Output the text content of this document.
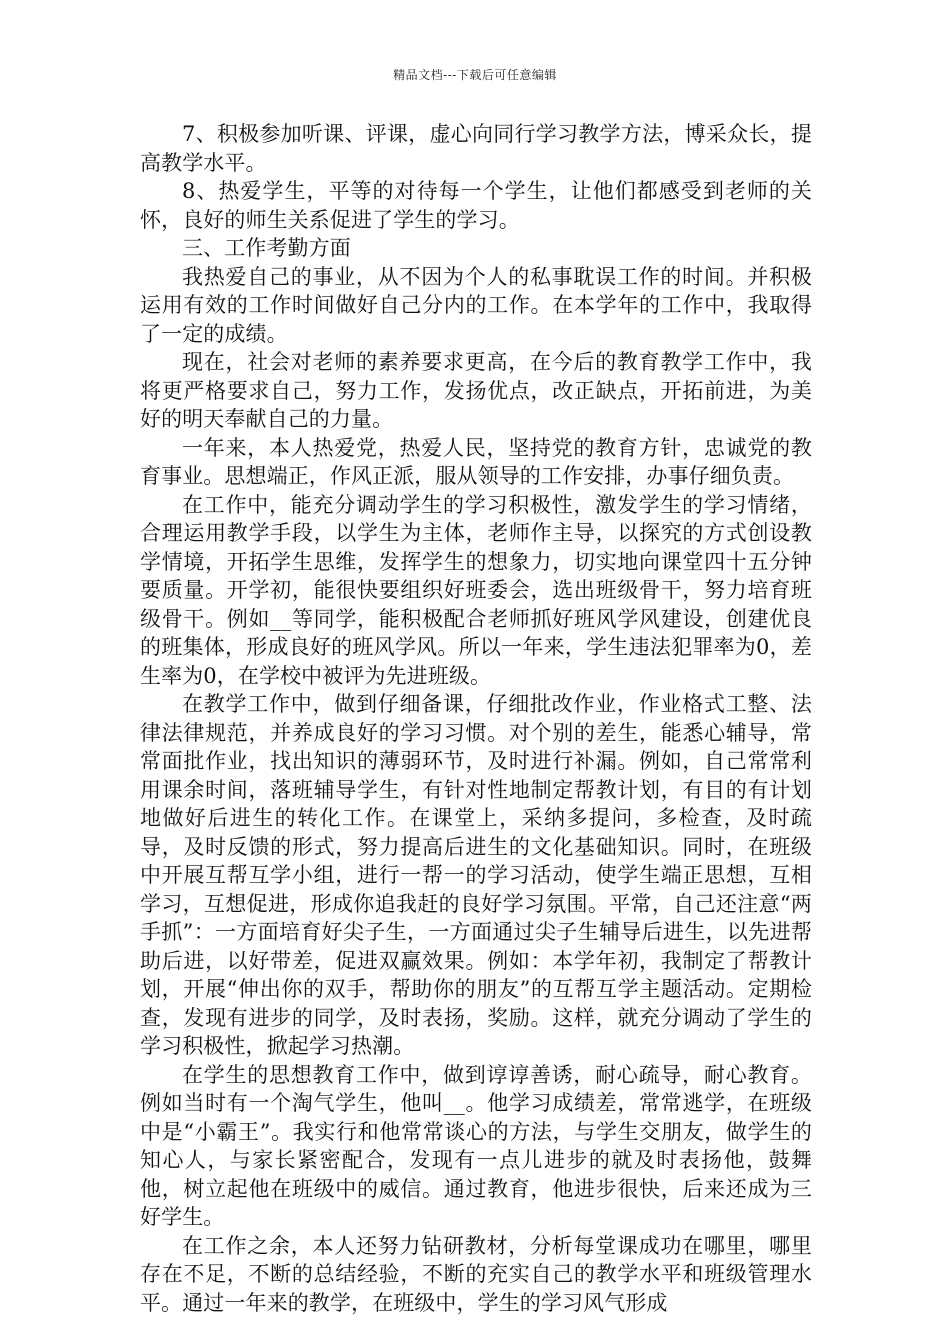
精品文档---下载后可任意编辑

7、积极参加听课、评课，虚心向同行学习教学方法，博采众长，提高教学水平。

8、热爱学生，平等的对待每一个学生，让他们都感受到老师的关怀，良好的师生关系促进了学生的学习。

三、工作考勤方面

我热爱自己的事业，从不因为个人的私事耽误工作的时间。并积极运用有效的工作时间做好自己分内的工作。在本学年的工作中，我取得了一定的成绩。

现在，社会对老师的素养要求更高，在今后的教育教学工作中，我将更严格要求自己，努力工作，发扬优点，改正缺点，开拓前进，为美好的明天奉献自己的力量。

一年来，本人热爱党，热爱人民，坚持党的教育方针，忠诚党的教育事业。思想端正，作风正派，服从领导的工作安排，办事仔细负责。

在工作中，能充分调动学生的学习积极性，激发学生的学习情绪，合理运用教学手段，以学生为主体，老师作主导，以探究的方式创设教学情境，开拓学生思维，发挥学生的想象力，切实地向课堂四十五分钟要质量。开学初，能很快要组织好班委会，选出班级骨干，努力培育班级骨干。例如__等同学，能积极配合老师抓好班风学风建设，创建优良的班集体，形成良好的班风学风。所以一年来，学生违法犯罪率为0，差生率为0，在学校中被评为先进班级。

在教学工作中，做到仔细备课，仔细批改作业，作业格式工整、法律法律规范，并养成良好的学习习惯。对个别的差生，能悉心辅导，常常面批作业，找出知识的薄弱环节，及时进行补漏。例如，自己常常利用课余时间，落班辅导学生，有针对性地制定帮教计划，有目的有计划地做好后进生的转化工作。在课堂上，采纳多提问，多检查，及时疏导，及时反馈的形式，努力提高后进生的文化基础知识。同时，在班级中开展互帮互学小组，进行一帮一的学习活动，使学生端正思想，互相学习，互想促进，形成你追我赶的良好学习氛围。平常，自己还注意“两手抓”：一方面培育好尖子生，一方面通过尖子生辅导后进生，以先进帮助后进，以好带差，促进双赢效果。例如：本学年初，我制定了帮教计划，开展“伸出你的双手，帮助你的朋友”的互帮互学主题活动。定期检查，发现有进步的同学，及时表扬，奖励。这样，就充分调动了学生的学习积极性，掀起学习热潮。

在学生的思想教育工作中，做到谆谆善诱，耐心疏导，耐心教育。例如当时有一个淘气学生，他叫__。他学习成绩差，常常逃学，在班级中是“小霸王”。我实行和他常常谈心的方法，与学生交朋友，做学生的知心人，与家长紧密配合，发现有一点儿进步的就及时表扬他，鼓舞他，树立起他在班级中的威信。通过教育，他进步很快，后来还成为三好学生。

在工作之余，本人还努力钻研教材，分析每堂课成功在哪里，哪里存在不足，不断的总结经验，不断的充实自己的教学水平和班级管理水平。通过一年来的教学，在班级中，学生的学习风气形成
